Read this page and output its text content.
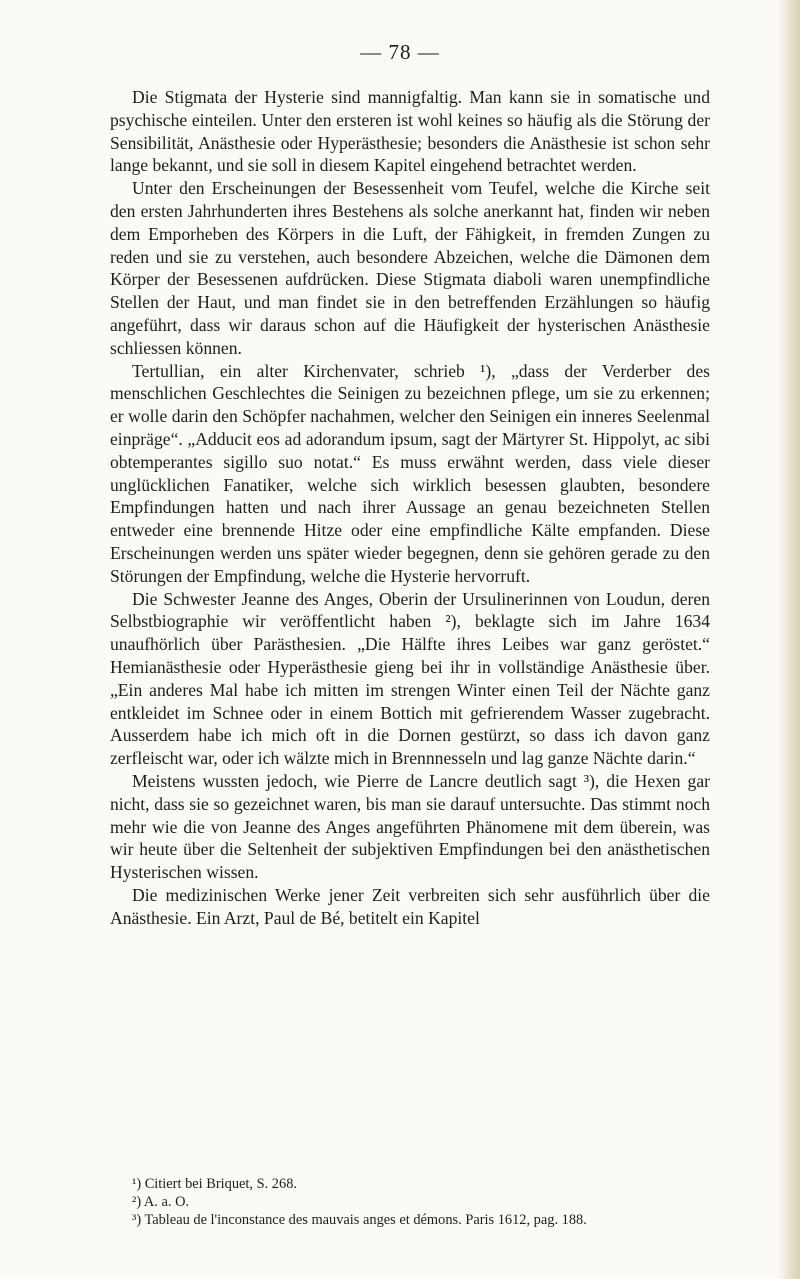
— 78 —

Die Stigmata der Hysterie sind mannigfaltig. Man kann sie in somatische und psychische einteilen. Unter den ersteren ist wohl keines so häufig als die Störung der Sensibilität, Anästhesie oder Hyperästhesie; besonders die Anästhesie ist schon sehr lange bekannt, und sie soll in diesem Kapitel eingehend betrachtet werden.

Unter den Erscheinungen der Besessenheit vom Teufel, welche die Kirche seit den ersten Jahrhunderten ihres Bestehens als solche anerkannt hat, finden wir neben dem Emporheben des Körpers in die Luft, der Fähigkeit, in fremden Zungen zu reden und sie zu verstehen, auch besondere Abzeichen, welche die Dämonen dem Körper der Besessenen aufdrücken. Diese Stigmata diaboli waren unempfindliche Stellen der Haut, und man findet sie in den betreffenden Erzählungen so häufig angeführt, dass wir daraus schon auf die Häufigkeit der hysterischen Anästhesie schliessen können.

Tertullian, ein alter Kirchenvater, schrieb ¹), „dass der Verderber des menschlichen Geschlechtes die Seinigen zu bezeichnen pflege, um sie zu erkennen; er wolle darin den Schöpfer nachahmen, welcher den Seinigen ein inneres Seelenmal einpräge“. „Adducit eos ad adorandum ipsum, sagt der Märtyrer St. Hippolyt, ac sibi obtemperantes sigillo suo notat.“ Es muss erwähnt werden, dass viele dieser unglücklichen Fanatiker, welche sich wirklich besessen glaubten, besondere Empfindungen hatten und nach ihrer Aussage an genau bezeichneten Stellen entweder eine brennende Hitze oder eine empfindliche Kälte empfanden. Diese Erscheinungen werden uns später wieder begegnen, denn sie gehören gerade zu den Störungen der Empfindung, welche die Hysterie hervorruft.

Die Schwester Jeanne des Anges, Oberin der Ursulinerinnen von Loudun, deren Selbstbiographie wir veröffentlicht haben ²), beklagte sich im Jahre 1634 unaufhörlich über Parästhesien. „Die Hälfte ihres Leibes war ganz geröstet.“ Hemianästhesie oder Hyperästhesie gieng bei ihr in vollständige Anästhesie über. „Ein anderes Mal habe ich mitten im strengen Winter einen Teil der Nächte ganz entkleidet im Schnee oder in einem Bottich mit gefrierendem Wasser zugebracht. Ausserdem habe ich mich oft in die Dornen gestürzt, so dass ich davon ganz zerfleischt war, oder ich wälzte mich in Brennnesseln und lag ganze Nächte darin.“

Meistens wussten jedoch, wie Pierre de Lancre deutlich sagt ³), die Hexen gar nicht, dass sie so gezeichnet waren, bis man sie darauf untersuchte. Das stimmt noch mehr wie die von Jeanne des Anges angeführten Phänomene mit dem überein, was wir heute über die Seltenheit der subjektiven Empfindungen bei den anästhetischen Hysterischen wissen.

Die medizinischen Werke jener Zeit verbreiten sich sehr ausführlich über die Anästhesie. Ein Arzt, Paul de Bé, betitelt ein Kapitel

¹) Citiert bei Briquet, S. 268.

²) A. a. O.

³) Tableau de l'inconstance des mauvais anges et démons. Paris 1612, pag. 188.
